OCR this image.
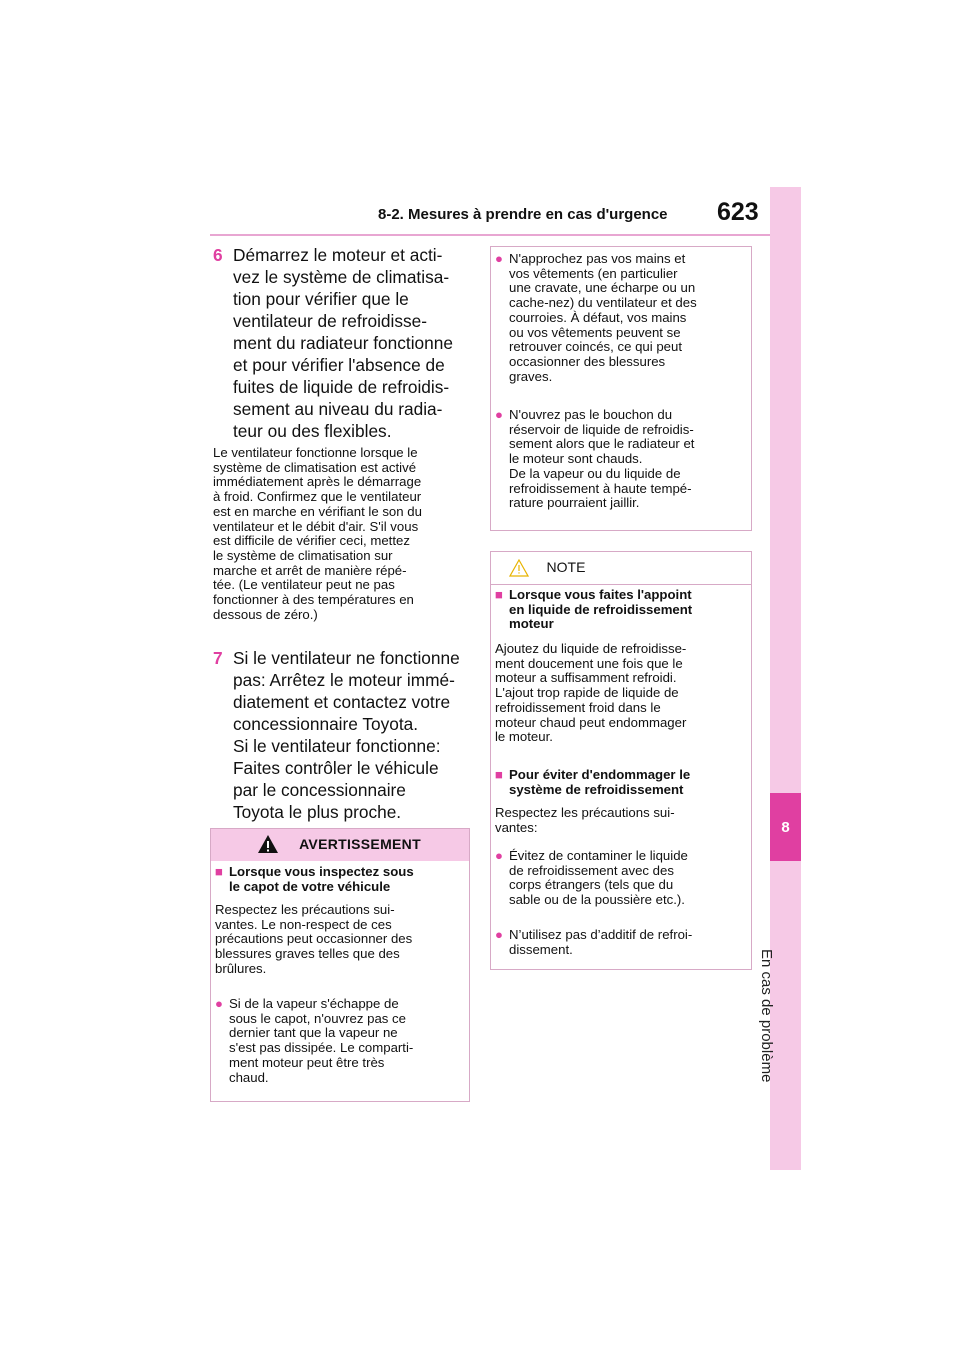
8-2. Mesures à prendre en cas d'urgence 623
8
En cas de problème
6 Démarrez le moteur et acti-
vez le système de climatisa-
tion pour vérifier que le
ventilateur de refroidisse-
ment du radiateur fonctionne
et pour vérifier l'absence de
fuites de liquide de refroidis-
sement au niveau du radia-
teur ou des flexibles.
Le ventilateur fonctionne lorsque le
système de climatisation est activé
immédiatement après le démarrage
à froid. Confirmez que le ventilateur
est en marche en vérifiant le son du
ventilateur et le débit d'air. S'il vous
est difficile de vérifier ceci, mettez
le système de climatisation sur
marche et arrêt de manière répé-
tée. (Le ventilateur peut ne pas
fonctionner à des températures en
dessous de zéro.)
7 Si le ventilateur ne fonctionne
pas: Arrêtez le moteur immé-
diatement et contactez votre
concessionnaire Toyota.
Si le ventilateur fonctionne:
Faites contrôler le véhicule
par le concessionnaire
Toyota le plus proche.
AVERTISSEMENT
■ Lorsque vous inspectez sous
le capot de votre véhicule
Respectez les précautions sui-
vantes. Le non-respect de ces
précautions peut occasionner des
blessures graves telles que des
brûlures.
● Si de la vapeur s'échappe de
sous le capot, n'ouvrez pas ce
dernier tant que la vapeur ne
s'est pas dissipée. Le comparti-
ment moteur peut être très
chaud.
● N'approchez pas vos mains et
vos vêtements (en particulier
une cravate, une écharpe ou un
cache-nez) du ventilateur et des
courroies. À défaut, vos mains
ou vos vêtements peuvent se
retrouver coincés, ce qui peut
occasionner des blessures
graves.
● N'ouvrez pas le bouchon du
réservoir de liquide de refroidis-
sement alors que le radiateur et
le moteur sont chauds.
De la vapeur ou du liquide de
refroidissement à haute tempé-
rature pourraient jaillir.
NOTE
■ Lorsque vous faites l'appoint
en liquide de refroidissement
moteur
Ajoutez du liquide de refroidisse-
ment doucement une fois que le
moteur a suffisamment refroidi.
L'ajout trop rapide de liquide de
refroidissement froid dans le
moteur chaud peut endommager
le moteur.
■ Pour éviter d'endommager le
système de refroidissement
Respectez les précautions sui-
vantes:
● Évitez de contaminer le liquide
de refroidissement avec des
corps étrangers (tels que du
sable ou de la poussière etc.).
● N’utilisez pas d’additif de refroi-
dissement.
